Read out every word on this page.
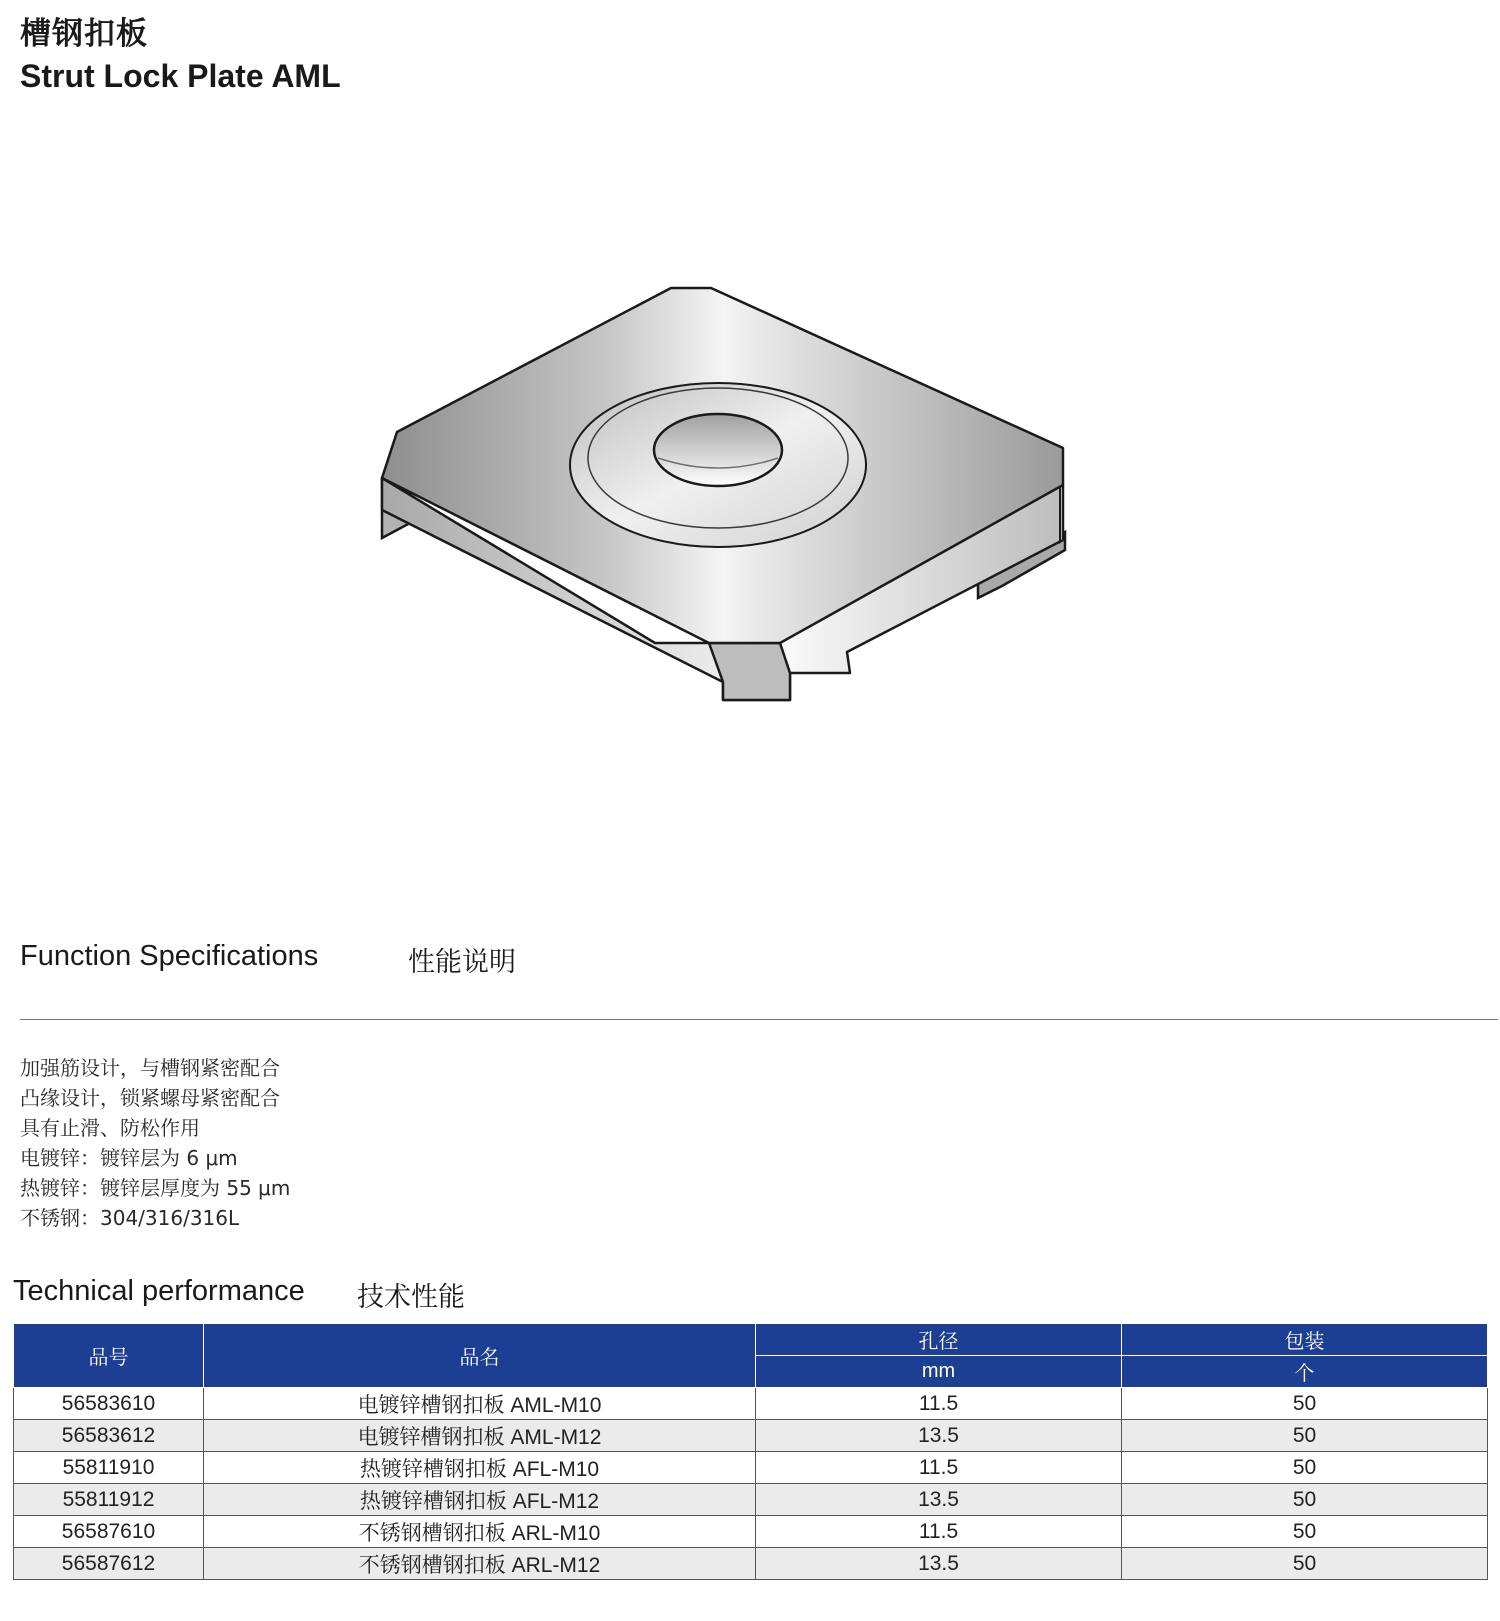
槽钢扣板
Strut Lock Plate AML
Function Specifications	性能说明
加强筋设计，与槽钢紧密配合
凸缘设计，锁紧螺母紧密配合
具有止滑、防松作用
电镀锌：镀锌层为 6 μm
热镀锌：镀锌层厚度为 55 μm
不锈钢：304/316/316L
Technical performance 技术性能
品号	品名	孔径	包装
		mm	个
56583610	电镀锌槽钢扣板 AML-M10	11.5	50
56583612	电镀锌槽钢扣板 AML-M12	13.5	50
55811910	热镀锌槽钢扣板 AFL-M10	11.5	50
55811912	热镀锌槽钢扣板 AFL-M12	13.5	50
56587610	不锈钢槽钢扣板 ARL-M10	11.5	50
56587612	不锈钢槽钢扣板 ARL-M12	13.5	50
